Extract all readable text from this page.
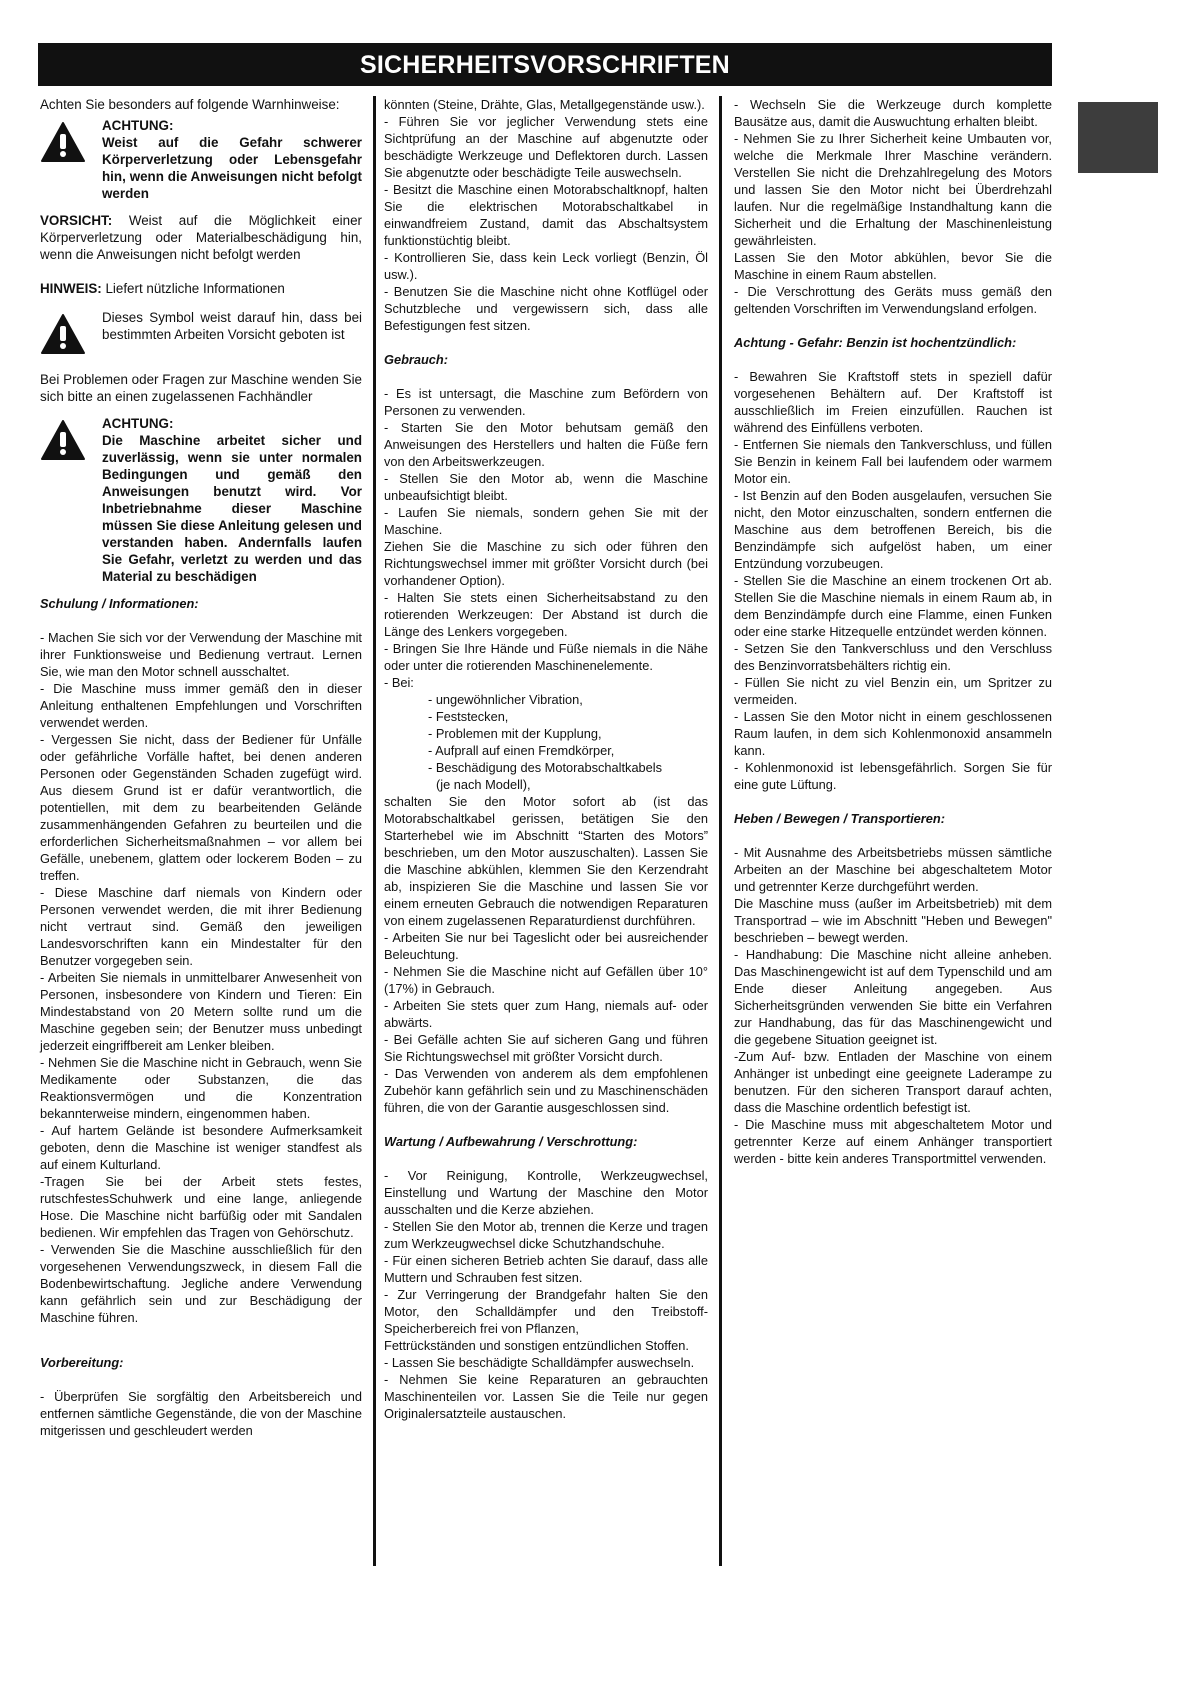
SICHERHEITSVORSCHRIFTEN

Achten Sie besonders auf folgende Warnhinweise:

ACHTUNG:
Weist auf die Gefahr schwerer Körperverletzung oder Lebensgefahr hin, wenn die Anweisungen nicht befolgt werden

VORSICHT: Weist auf die Möglichkeit einer Körperverletzung oder Materialbeschädigung hin, wenn die Anweisungen nicht befolgt werden

HINWEIS: Liefert nützliche Informationen

Dieses Symbol weist darauf hin, dass bei bestimmten Arbeiten Vorsicht geboten ist

Bei Problemen oder Fragen zur Maschine wenden Sie sich bitte an einen zugelassenen Fachhändler

ACHTUNG:
Die Maschine arbeitet sicher und zuverlässig, wenn sie unter normalen Bedingungen und gemäß den Anweisungen benutzt wird. Vor Inbetriebnahme dieser Maschine müssen Sie diese Anleitung gelesen und verstanden haben. Andernfalls laufen Sie Gefahr, verletzt zu werden und das Material zu beschädigen

Schulung / Informationen:

- Machen Sie sich vor der Verwendung der Maschine mit ihrer Funktionsweise und Bedienung vertraut. Lernen Sie, wie man den Motor schnell ausschaltet.

- Die Maschine muss immer gemäß den in dieser Anleitung enthaltenen Empfehlungen und Vorschriften verwendet werden.

- Vergessen Sie nicht, dass der Bediener für Unfälle oder gefährliche Vorfälle haftet, bei denen anderen Personen oder Gegenständen Schaden zugefügt wird. Aus diesem Grund ist er dafür verantwortlich, die potentiellen, mit dem zu bearbeitenden Gelände zusammenhängenden Gefahren zu beurteilen und die erforderlichen Sicherheitsmaßnahmen – vor allem bei Gefälle, unebenem, glattem oder lockerem Boden – zu treffen.

- Diese Maschine darf niemals von Kindern oder Personen verwendet werden, die mit ihrer Bedienung nicht vertraut sind. Gemäß den jeweiligen Landesvorschriften kann ein Mindestalter für den Benutzer vorgegeben sein.

- Arbeiten Sie niemals in unmittelbarer Anwesenheit von Personen, insbesondere von Kindern und Tieren: Ein Mindestabstand von 20 Metern sollte rund um die Maschine gegeben sein; der Benutzer muss unbedingt jederzeit eingriffbereit am Lenker bleiben.

- Nehmen Sie die Maschine nicht in Gebrauch, wenn Sie Medikamente oder Substanzen, die das Reaktionsvermögen und die Konzentration bekannterweise mindern, eingenommen haben.

- Auf hartem Gelände ist besondere Aufmerksamkeit geboten, denn die Maschine ist weniger standfest als auf einem Kulturland.

-Tragen Sie bei der Arbeit stets festes, rutschfestesSchuhwerk und eine lange, anliegende Hose. Die Maschine nicht barfüßig oder mit Sandalen bedienen. Wir empfehlen das Tragen von Gehörschutz.

- Verwenden Sie die Maschine ausschließlich für den vorgesehenen Verwendungszweck, in diesem Fall die Bodenbewirtschaftung. Jegliche andere Verwendung kann gefährlich sein und zur Beschädigung der Maschine führen.

Vorbereitung:

- Überprüfen Sie sorgfältig den Arbeitsbereich und entfernen sämtliche Gegenstände, die von der Maschine mitgerissen und geschleudert werden

könnten (Steine, Drähte, Glas, Metallgegenstände usw.).

- Führen Sie vor jeglicher Verwendung stets eine Sichtprüfung an der Maschine auf abgenutzte oder beschädigte Werkzeuge und Deflektoren durch. Lassen Sie abgenutzte oder beschädigte Teile auswechseln.

- Besitzt die Maschine einen Motorabschaltknopf, halten Sie die elektrischen Motorabschaltkabel in einwandfreiem Zustand, damit das Abschaltsystem funktionstüchtig bleibt.

- Kontrollieren Sie, dass kein Leck vorliegt (Benzin, Öl usw.).

- Benutzen Sie die Maschine nicht ohne Kotflügel oder Schutzbleche und vergewissern sich, dass alle Befestigungen fest sitzen.

Gebrauch:

- Es ist untersagt, die Maschine zum Befördern von Personen zu verwenden.

- Starten Sie den Motor behutsam gemäß den Anweisungen des Herstellers und halten die Füße fern von den Arbeitswerkzeugen.

- Stellen Sie den Motor ab, wenn die Maschine unbeaufsichtigt bleibt.

- Laufen Sie niemals, sondern gehen Sie mit der Maschine.

Ziehen Sie die Maschine zu sich oder führen den Richtungswechsel immer mit größter Vorsicht durch (bei vorhandener Option).

- Halten Sie stets einen Sicherheitsabstand zu den rotierenden Werkzeugen: Der Abstand ist durch die Länge des Lenkers vorgegeben.

- Bringen Sie Ihre Hände und Füße niemals in die Nähe oder unter die rotierenden Maschinenelemente.

- Bei:

- ungewöhnlicher Vibration,

- Feststecken,

- Problemen mit der Kupplung,

- Aufprall auf einen Fremdkörper,

- Beschädigung des Motorabschaltkabels

(je nach Modell),

schalten Sie den Motor sofort ab (ist das Motorabschaltkabel gerissen, betätigen Sie den Starterhebel wie im Abschnitt “Starten des Motors” beschrieben, um den Motor auszuschalten). Lassen Sie die Maschine abkühlen, klemmen Sie den Kerzendraht ab, inspizieren Sie die Maschine und lassen Sie vor einem erneuten Gebrauch die notwendigen Reparaturen von einem zugelassenen Reparaturdienst durchführen.

- Arbeiten Sie nur bei Tageslicht oder bei ausreichender Beleuchtung.

- Nehmen Sie die Maschine nicht auf Gefällen über 10° (17%) in Gebrauch.

- Arbeiten Sie stets quer zum Hang, niemals auf- oder abwärts.

- Bei Gefälle achten Sie auf sicheren Gang und führen Sie Richtungswechsel mit größter Vorsicht durch.

- Das Verwenden von anderem als dem empfohlenen Zubehör kann gefährlich sein und zu Maschinenschäden führen, die von der Garantie ausgeschlossen sind.

Wartung / Aufbewahrung / Verschrottung:

- Vor Reinigung, Kontrolle, Werkzeugwechsel, Einstellung und Wartung der Maschine den Motor ausschalten und die Kerze abziehen.

- Stellen Sie den Motor ab, trennen die Kerze und tragen zum Werkzeugwechsel dicke Schutzhandschuhe.

- Für einen sicheren Betrieb achten Sie darauf, dass alle Muttern und Schrauben fest sitzen.

- Zur Verringerung der Brandgefahr halten Sie den Motor, den Schalldämpfer und den Treibstoff-Speicherbereich frei von Pflanzen,

Fettrückständen und sonstigen entzündlichen Stoffen.

- Lassen Sie beschädigte Schalldämpfer auswechseln.

- Nehmen Sie keine Reparaturen an gebrauchten Maschinenteilen vor. Lassen Sie die Teile nur gegen Originalersatzteile austauschen.

- Wechseln Sie die Werkzeuge durch komplette Bausätze aus, damit die Auswuchtung erhalten bleibt.

- Nehmen Sie zu Ihrer Sicherheit keine Umbauten vor, welche die Merkmale Ihrer Maschine verändern. Verstellen Sie nicht die Drehzahlregelung des Motors und lassen Sie den Motor nicht bei Überdrehzahl laufen. Nur die regelmäßige Instandhaltung kann die Sicherheit und die Erhaltung der Maschinenleistung gewährleisten.

Lassen Sie den Motor abkühlen, bevor Sie die Maschine in einem Raum abstellen.

- Die Verschrottung des Geräts muss gemäß den geltenden Vorschriften im Verwendungsland erfolgen.

Achtung - Gefahr: Benzin ist hochentzündlich:

- Bewahren Sie Kraftstoff stets in speziell dafür vorgesehenen Behältern auf. Der Kraftstoff ist ausschließlich im Freien einzufüllen. Rauchen ist während des Einfüllens verboten.

- Entfernen Sie niemals den Tankverschluss, und füllen Sie Benzin in keinem Fall bei laufendem oder warmem Motor ein.

- Ist Benzin auf den Boden ausgelaufen, versuchen Sie nicht, den Motor einzuschalten, sondern entfernen die Maschine aus dem betroffenen Bereich, bis die Benzindämpfe sich aufgelöst haben, um einer Entzündung vorzubeugen.

- Stellen Sie die Maschine an einem trockenen Ort ab. Stellen Sie die Maschine niemals in einem Raum ab, in dem Benzindämpfe durch eine Flamme, einen Funken oder eine starke Hitzequelle entzündet werden können.

- Setzen Sie den Tankverschluss und den Verschluss des Benzinvorratsbehälters richtig ein.

- Füllen Sie nicht zu viel Benzin ein, um Spritzer zu vermeiden.

- Lassen Sie den Motor nicht in einem geschlossenen Raum laufen, in dem sich Kohlenmonoxid ansammeln kann.

- Kohlenmonoxid ist lebensgefährlich. Sorgen Sie für eine gute Lüftung.

Heben / Bewegen / Transportieren:

- Mit Ausnahme des Arbeitsbetriebs müssen sämtliche Arbeiten an der Maschine bei abgeschaltetem Motor und getrennter Kerze durchgeführt werden.

Die Maschine muss (außer im Arbeitsbetrieb) mit dem Transportrad – wie im Abschnitt "Heben und Bewegen" beschrieben – bewegt werden.

- Handhabung: Die Maschine nicht alleine anheben. Das Maschinengewicht ist auf dem Typenschild und am Ende dieser Anleitung angegeben. Aus Sicherheitsgründen verwenden Sie bitte ein Verfahren zur Handhabung, das für das Maschinengewicht und die gegebene Situation geeignet ist.

-Zum Auf- bzw. Entladen der Maschine von einem Anhänger ist unbedingt eine geeignete Laderampe zu benutzen. Für den sicheren Transport darauf achten, dass die Maschine ordentlich befestigt ist.

- Die Maschine muss mit abgeschaltetem Motor und getrennter Kerze auf einem Anhänger transportiert werden - bitte kein anderes Transportmittel verwenden.
